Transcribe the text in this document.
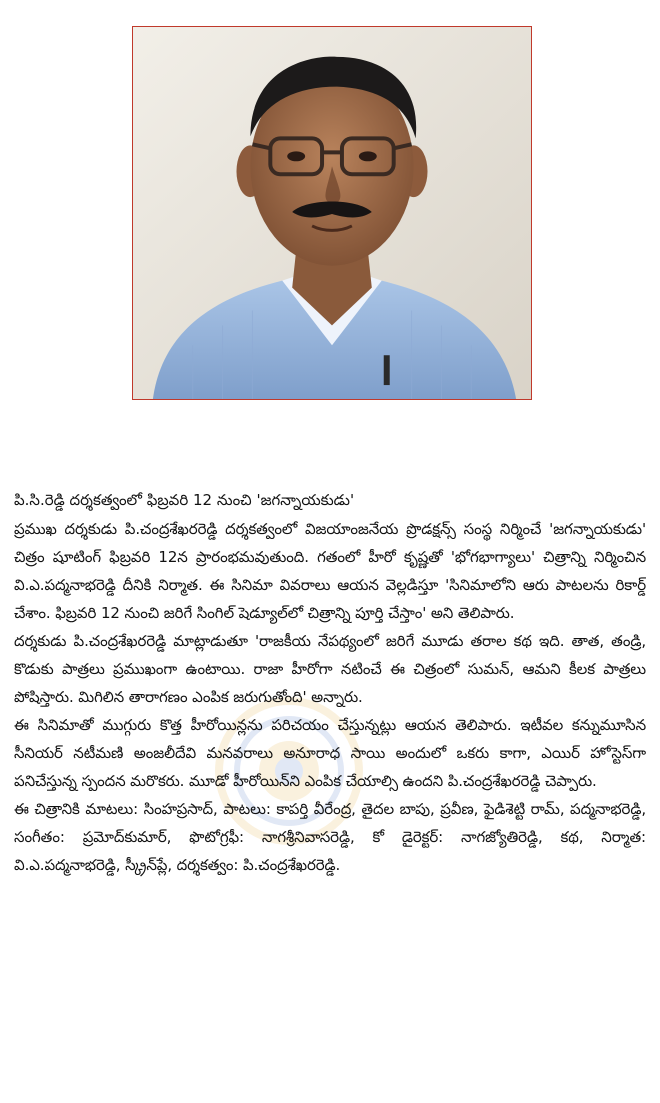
పి.సి.రెడ్డి దర్శకత్వంలో ఫిబ్రవరి 12 నుంచి 'జగన్నాయకుడు'

ప్రముఖ దర్శకుడు పి.చంద్రశేఖరరెడ్డి దర్శకత్వంలో విజయాంజనేయ ప్రొడక్షన్స్ సంస్థ నిర్మించే 'జగన్నాయకుడు' చిత్రం షూటింగ్ ఫిబ్రవరి 12న ప్రారంభమవుతుంది. గతంలో హీరో కృష్ణతో 'భోగభాగ్యాలు' చిత్రాన్ని నిర్మించిన వి.ఎ.పద్మనాభరెడ్డి దీనికి నిర్మాత. ఈ సినిమా వివరాలు ఆయన వెల్లడిస్తూ 'సినిమాలోని ఆరు పాటలను రికార్డ్ చేశాం. ఫిబ్రవరి 12 నుంచి జరిగే సింగిల్ షెడ్యూల్‌లో చిత్రాన్ని పూర్తి చేస్తాం' అని తెలిపారు.

దర్శకుడు పి.చంద్రశేఖరరెడ్డి మాట్లాడుతూ 'రాజకీయ నేపథ్యంలో జరిగే మూడు తరాల కథ ఇది. తాత, తండ్రి, కొడుకు పాత్రలు ప్రముఖంగా ఉంటాయి. రాజా హీరోగా నటించే ఈ చిత్రంలో సుమన్, ఆమని కీలక పాత్రలు పోషిస్తారు. మిగిలిన తారాగణం ఎంపిక జరుగుతోంది' అన్నారు.

ఈ సినిమాతో ముగ్గురు కొత్త హీరోయిన్లను పరిచయం చేస్తున్నట్లు ఆయన తెలిపారు. ఇటీవల కన్నుమూసిన సీనియర్ నటీమణి అంజలీదేవి మనవరాలు అనూరాధ సాయి అందులో ఒకరు కాగా, ఎయిర్ హోస్టెస్‌గా పనిచేస్తున్న స్పందన మరొకరు. మూడో హీరోయిన్‌ని ఎంపిక చేయాల్సి ఉందని పి.చంద్రశేఖరరెడ్డి చెప్పారు.

ఈ చిత్రానికి మాటలు: సింహప్రసాద్, పాటలు: కాపర్తి వీరేంద్ర, తైదల బాపు, ప్రవీణ, ఫైడిశెట్టి రామ్, పద్మనాభరెడ్డి, సంగీతం: ప్రమోద్‌కుమార్, ఫొటోగ్రఫీ: నాగశ్రీనివాసరెడ్డి, కో డైరెక్టర్: నాగజ్యోతిరెడ్డి, కథ, నిర్మాత: వి.ఎ.పద్మనాభరెడ్డి, స్క్రీన్‌ప్లే, దర్శకత్వం: పి.చంద్రశేఖరరెడ్డి.
